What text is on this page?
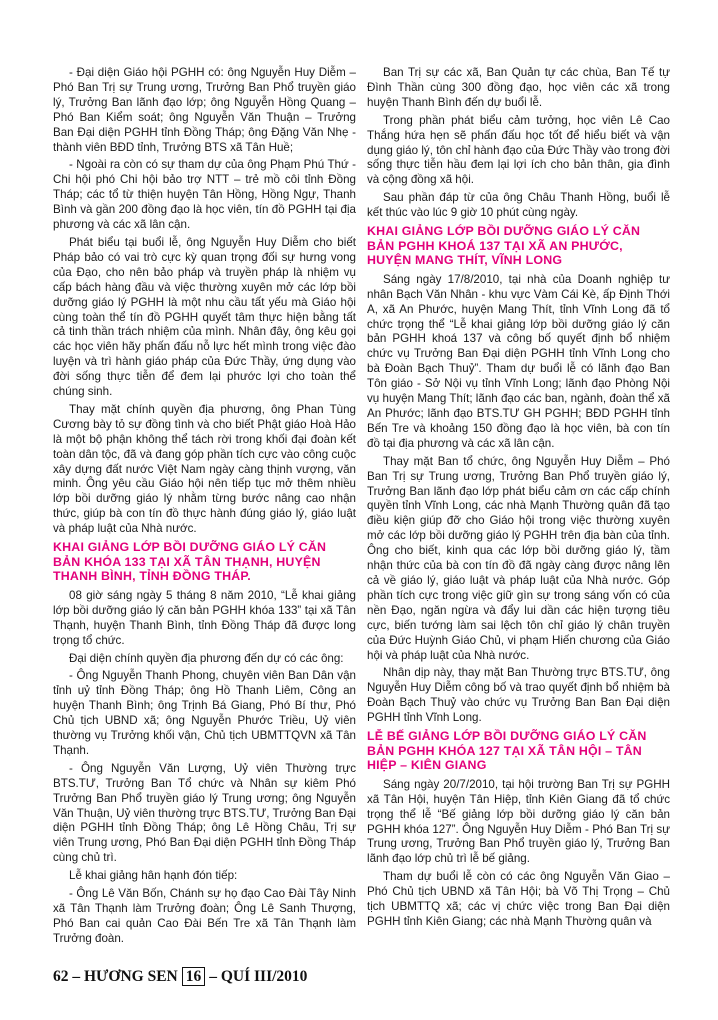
- Đại diện Giáo hội PGHH có: ông Nguyễn Huy Diễm – Phó Ban Trị sự Trung ương, Trưởng Ban Phổ truyền giáo lý, Trưởng Ban lãnh đạo lớp; ông Nguyễn Hồng Quang – Phó Ban Kiểm soát; ông Nguyễn Văn Thuận – Trưởng Ban Đại diện PGHH tỉnh Đồng Tháp; ông Đặng Văn Nhẹ - thành viên BĐD tỉnh, Trưởng BTS xã Tân Huề;

- Ngoài ra còn có sự tham dự của ông Phạm Phú Thứ - Chi hội phó Chi hội bảo trợ NTT – trẻ mồ côi tỉnh Đồng Tháp; các tổ từ thiện huyện Tân Hồng, Hồng Ngự, Thanh Bình và gần 200 đồng đạo là học viên, tín đồ PGHH tại địa phương và các xã lân cận.

Phát biểu tại buổi lễ, ông Nguyễn Huy Diễm cho biết Pháp bảo có vai trò cực kỳ quan trọng đối sự hưng vong của Đạo, cho nên bảo pháp và truyền pháp là nhiệm vụ cấp bách hàng đầu và việc thường xuyên mở các lớp bồi dưỡng giáo lý PGHH là một nhu cầu tất yếu mà Giáo hội cùng toàn thể tín đồ PGHH quyết tâm thực hiện bằng tất cả tinh thần trách nhiệm của mình. Nhân đây, ông kêu gọi các học viên hãy phấn đấu nỗ lực hết mình trong việc đào luyện và trì hành giáo pháp của Đức Thầy, ứng dụng vào đời sống thực tiễn để đem lại phước lợi cho toàn thể chúng sinh.

Thay mặt chính quyền địa phương, ông Phan Tùng Cương bày tỏ sự đồng tình và cho biết Phật giáo Hoà Hảo là một bộ phận không thể tách rời trong khối đại đoàn kết toàn dân tộc, đã và đang góp phần tích cực vào công cuộc xây dựng đất nước Việt Nam ngày càng thịnh vượng, văn minh. Ông yêu cầu Giáo hội nên tiếp tục mở thêm nhiều lớp bồi dưỡng giáo lý nhằm từng bước nâng cao nhận thức, giúp bà con tín đồ thực hành đúng giáo lý, giáo luật và pháp luật của Nhà nước.

KHAI GIẢNG LỚP BỒI DƯỠNG GIÁO LÝ CĂN BẢN KHÓA 133 TẠI XÃ TÂN THẠNH, HUYỆN THANH BÌNH, TỈNH ĐỒNG THÁP.

08 giờ sáng ngày 5 tháng 8 năm 2010, “Lễ khai giảng lớp bồi dưỡng giáo lý căn bản PGHH khóa 133” tại xã Tân Thạnh, huyện Thanh Bình, tỉnh Đồng Tháp đã được long trọng tổ chức.

Đại diện chính quyền địa phương đến dự có các ông:

- Ông Nguyễn Thanh Phong, chuyên viên Ban Dân vận tỉnh uỷ tỉnh Đồng Tháp; ông Hồ Thanh Liêm, Công an huyện Thanh Bình; ông Trịnh Bá Giang, Phó Bí thư, Phó Chủ tịch UBND xã; ông Nguyễn Phước Triều, Uỷ viên thường vụ Trưởng khối vận, Chủ tịch UBMTTQVN xã Tân Thạnh.

- Ông Nguyễn Văn Lượng, Uỷ viên Thường trực BTS.TƯ, Trưởng Ban Tổ chức và Nhân sự kiêm Phó Trưởng Ban Phổ truyền giáo lý Trung ương; ông Nguyễn Văn Thuận, Uỷ viên thường trực BTS.TƯ, Trưởng Ban Đại diện PGHH tỉnh Đồng Tháp; ông Lê Hồng Châu, Trị sự viên Trung ương, Phó Ban Đại diện PGHH tỉnh Đồng Tháp cùng chủ trì.

Lễ khai giảng hân hạnh đón tiếp:

- Ông Lê Văn Bốn, Chánh sự họ đạo Cao Đài Tây Ninh xã Tân Thạnh làm Trưởng đoàn; Ông Lê Sanh Thượng, Phó Ban cai quản Cao Đài Bến Tre xã Tân Thạnh làm Trưởng đoàn.

Ban Trị sự các xã, Ban Quản tự các chùa, Ban Tế tự Đình Thần cùng 300 đồng đạo, học viên các xã trong huyện Thanh Bình đến dự buổi lễ.

Trong phần phát biểu cảm tưởng, học viên Lê Cao Thắng hứa hẹn sẽ phấn đấu học tốt để hiểu biết và vận dụng giáo lý, tôn chỉ hành đạo của Đức Thầy vào trong đời sống thực tiễn hầu đem lại lợi ích cho bản thân, gia đình và cộng đồng xã hội.

Sau phần đáp từ của ông Châu Thanh Hồng, buổi lễ kết thúc vào lúc 9 giờ 10 phút cùng ngày.

KHAI GIẢNG LỚP BỒI DƯỠNG GIÁO LÝ CĂN BẢN PGHH KHOÁ 137 TẠI XÃ AN PHƯỚC, HUYỆN MANG THÍT, VĨNH LONG

Sáng ngày 17/8/2010, tại nhà của Doanh nghiệp tư nhân Bạch Văn Nhân - khu vực Vàm Cái Kè, ấp Định Thới A, xã An Phước, huyện Mang Thít, tỉnh Vĩnh Long đã tổ chức trọng thể “Lễ khai giảng lớp bồi dưỡng giáo lý căn bản PGHH khoá 137 và công bố quyết định bổ nhiệm chức vụ Trưởng Ban Đại diện PGHH tỉnh Vĩnh Long cho bà Đoàn Bạch Thuỷ”. Tham dự buổi lễ có lãnh đạo Ban Tôn giáo - Sở Nội vụ tỉnh Vĩnh Long; lãnh đạo Phòng Nội vụ huyện Mang Thít; lãnh đạo các ban, ngành, đoàn thể xã An Phước; lãnh đạo BTS.TƯ GH PGHH; BĐD PGHH tỉnh Bến Tre và khoảng 150 đồng đạo là học viên, bà con tín đồ tại địa phương và các xã lân cận.

Thay mặt Ban tổ chức, ông Nguyễn Huy Diễm – Phó Ban Trị sự Trung ương, Trưởng Ban Phổ truyền giáo lý, Trưởng Ban lãnh đạo lớp phát biểu cảm ơn các cấp chính quyền tỉnh Vĩnh Long, các nhà Mạnh Thường quân đã tạo điều kiện giúp đỡ cho Giáo hội trong việc thường xuyên mở các lớp bồi dưỡng giáo lý PGHH trên địa bàn của tỉnh. Ông cho biết, kinh qua các lớp bồi dưỡng giáo lý, tầm nhận thức của bà con tín đồ đã ngày càng được nâng lên cả về giáo lý, giáo luật và pháp luật của Nhà nước. Góp phần tích cực trong việc giữ gìn sự trong sáng vốn có của nền Đạo, ngăn ngừa và đẩy lui dần các hiện tượng tiêu cực, biến tướng làm sai lệch tôn chỉ giáo lý chân truyền của Đức Huỳnh Giáo Chủ, vi phạm Hiến chương của Giáo hội và pháp luật của Nhà nước.

Nhân dịp này, thay mặt Ban Thường trực BTS.TƯ, ông Nguyễn Huy Diễm công bố và trao quyết định bổ nhiệm bà Đoàn Bạch Thuỷ vào chức vụ Trưởng Ban Ban Đại diện PGHH tỉnh Vĩnh Long.

LỄ BẾ GIẢNG LỚP BỒI DƯỠNG GIÁO LÝ CĂN BẢN PGHH KHÓA 127 TẠI XÃ TÂN HỘI – TÂN HIỆP – KIÊN GIANG

Sáng ngày 20/7/2010, tại hội trường Ban Trị sự PGHH xã Tân Hội, huyện Tân Hiệp, tỉnh Kiên Giang đã tổ chức trọng thể lễ “Bế giảng lớp bồi dưỡng giáo lý căn bản PGHH khóa 127”. Ông Nguyễn Huy Diễm - Phó Ban Trị sự Trung ương, Trưởng Ban Phổ truyền giáo lý, Trưởng Ban lãnh đạo lớp chủ trì lễ bế giảng.

Tham dự buổi lễ còn có các ông Nguyễn Văn Giao – Phó Chủ tịch UBND xã Tân Hội; bà Võ Thị Trọng – Chủ tịch UBMTTQ xã; các vị chức việc trong Ban Đại diện PGHH tỉnh Kiên Giang; các nhà Mạnh Thường quân và

62 – HƯƠNG SEN 16 – QUÍ III/2010
